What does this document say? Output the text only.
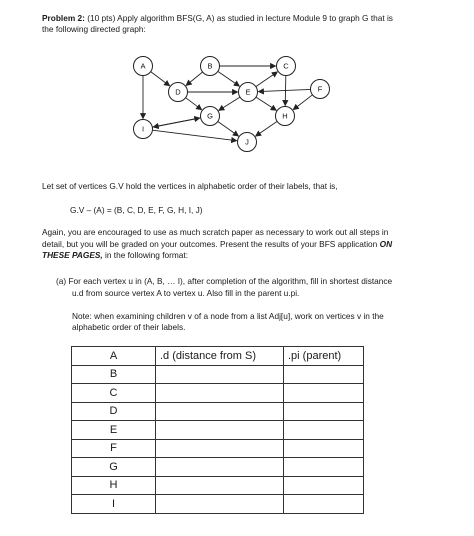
Problem 2: (10 pts) Apply algorithm BFS(G, A) as studied in lecture Module 9 to graph G that is
the following directed graph:
A	B	C
D	E	F
G	H
I
J
Let set of vertices G.V hold the vertices in alphabetic order of their labels, that is,
G.V – (A) = (B, C, D, E, F, G, H, I, J)
Again, you are encouraged to use as much scratch paper as necessary to work out all steps in
detail, but you will be graded on your outcomes. Present the results of your BFS application ON
THESE PAGES, in the following format:
(a) For each vertex u in (A, B, … I), after completion of the algorithm, fill in shortest distance
u.d from source vertex A to vertex u. Also fill in the parent u.pi.
Note: when examining children v of a node from a list Adj[u], work on vertices v in the
alphabetic order of their labels.
A	.d (distance from S)	.pi (parent)
B		
C		
D		
E		
F		
G		
H		
I		
